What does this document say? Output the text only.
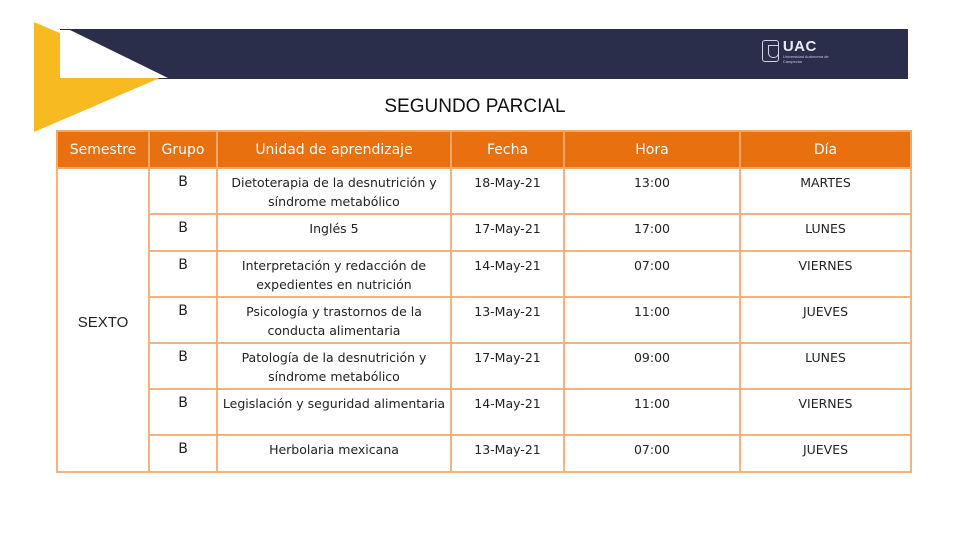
UAC
Universidad Autónoma de Campeche
SEGUNDO PARCIAL
Semestre	Grupo	Unidad de aprendizaje	Fecha	Hora	Día
SEXTO	B	Dietoterapia de la desnutrición y síndrome metabólico	18-May-21	13:00	MARTES
	B	Inglés 5	17-May-21	17:00	LUNES
	B	Interpretación y redacción de expedientes en nutrición	14-May-21	07:00	VIERNES
	B	Psicología y trastornos de la conducta alimentaria	13-May-21	11:00	JUEVES
	B	Patología de la desnutrición y síndrome metabólico	17-May-21	09:00	LUNES
	B	Legislación y seguridad alimentaria	14-May-21	11:00	VIERNES
	B	Herbolaria mexicana	13-May-21	07:00	JUEVES
